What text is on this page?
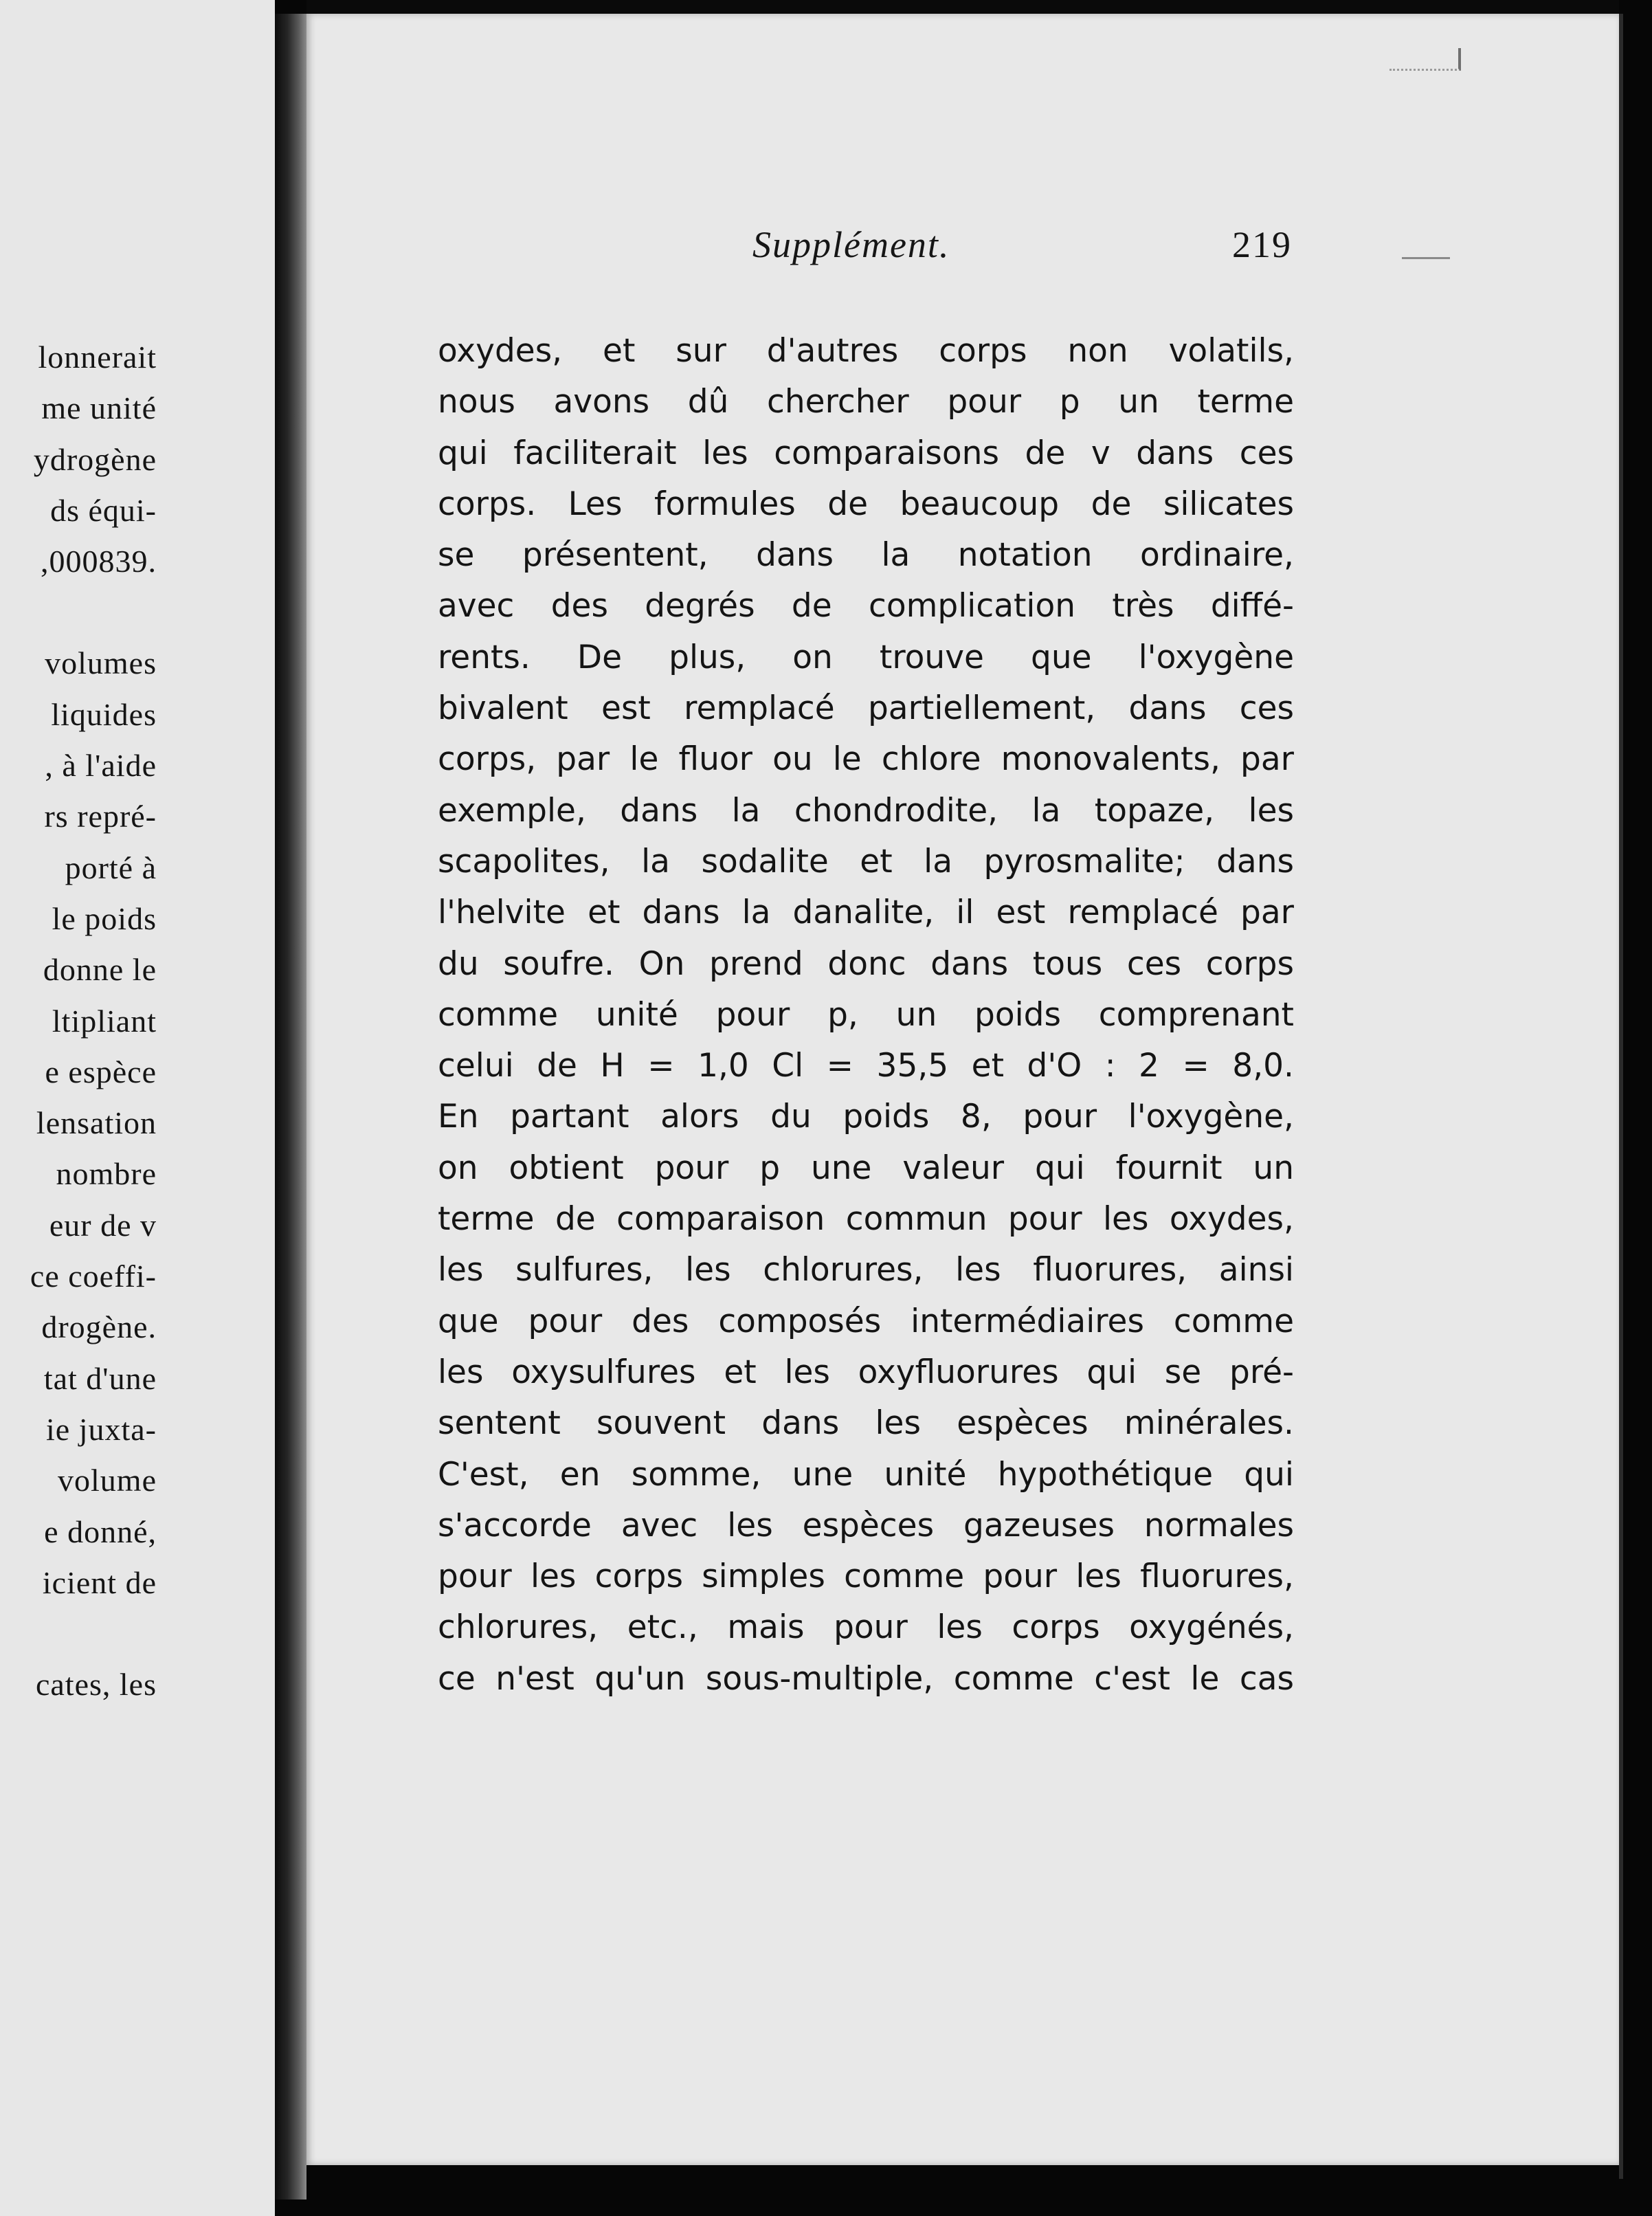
lonnerait
me unité
ydrogène
ds équi-
,000839.
volumes
liquides
, à l'aide
rs repré-
porté à
le poids
donne le
ltipliant
e espèce
lensation
nombre
eur de v
ce coeffi-
drogène.
tat d'une
ie juxta-
volume
e donné,
icient de
cates, les
Supplément.	219
oxydes, et sur d'autres corps non volatils,
nous avons dû chercher pour p un terme
qui faciliterait les comparaisons de v dans ces
corps. Les formules de beaucoup de silicates
se présentent, dans la notation ordinaire,
avec des degrés de complication très diffé-
rents. De plus, on trouve que l'oxygène
bivalent est remplacé partiellement, dans ces
corps, par le fluor ou le chlore monovalents, par
exemple, dans la chondrodite, la topaze, les
scapolites, la sodalite et la pyrosmalite; dans
l'helvite et dans la danalite, il est remplacé par
du soufre. On prend donc dans tous ces corps
comme unité pour p, un poids comprenant
celui de H = 1,0 Cl = 35,5 et d'O : 2 = 8,0.
En partant alors du poids 8, pour l'oxygène,
on obtient pour p une valeur qui fournit un
terme de comparaison commun pour les oxydes,
les sulfures, les chlorures, les fluorures, ainsi
que pour des composés intermédiaires comme
les oxysulfures et les oxyfluorures qui se pré-
sentent souvent dans les espèces minérales.
C'est, en somme, une unité hypothétique qui
s'accorde avec les espèces gazeuses normales
pour les corps simples comme pour les fluorures,
chlorures, etc., mais pour les corps oxygénés,
ce n'est qu'un sous-multiple, comme c'est le cas
